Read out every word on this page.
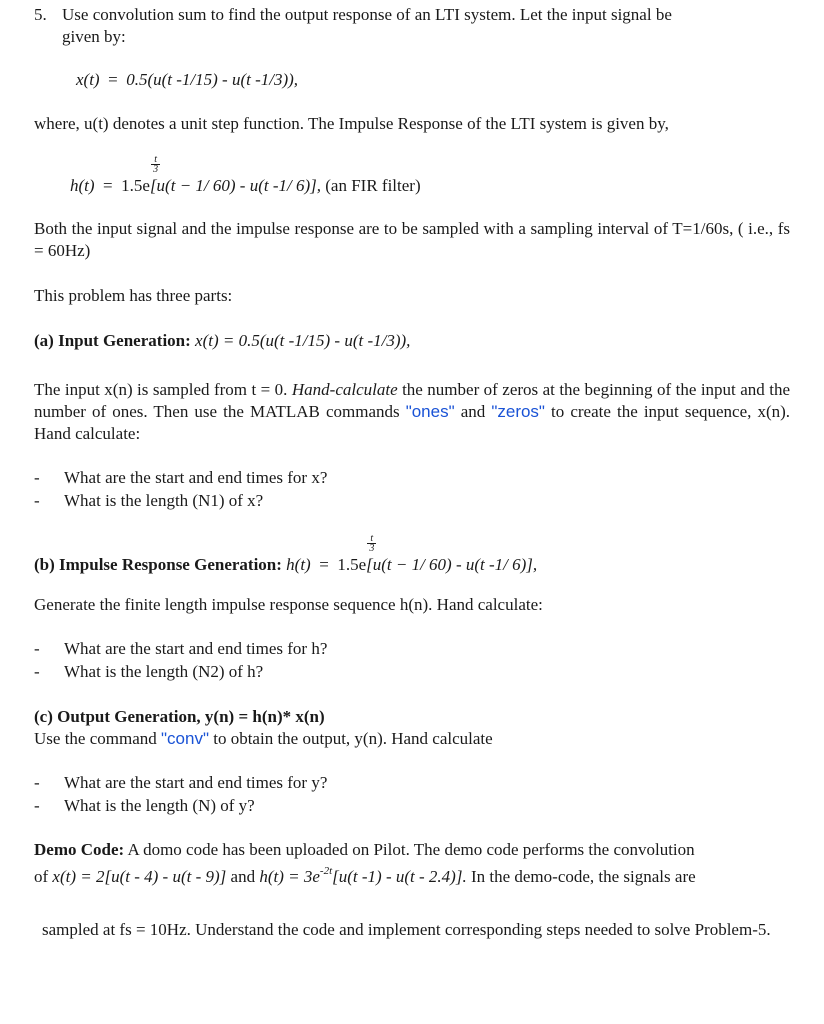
5. Use convolution sum to find the output response of an LTI system. Let the input signal be
given by:
x(t)  =  0.5(u(t -1/15) - u(t -1/3)),
where, u(t) denotes a unit step function. The Impulse Response of the LTI system is given by,
h(t)  =  1.5e
t
3
[u(t − 1/ 60) - u(t -1/ 6)], (an FIR filter)
Both the input signal and the impulse response are to be sampled with a sampling interval of T=1/60s, ( i.e., fs = 60Hz)
This problem has three parts:
(a) Input Generation: x(t) = 0.5(u(t -1/15) - u(t -1/3)),
The input x(n) is sampled from t = 0. Hand-calculate the number of zeros at the beginning of the input and the number of ones. Then use the MATLAB commands "ones" and "zeros" to create the input sequence, x(n). Hand calculate:
- What are the start and end times for x?
- What is the length (N1) of x?
(b) Impulse Response Generation: h(t)  =  1.5e
t
3
[u(t − 1/ 60) - u(t -1/ 6)],
Generate the finite length impulse response sequence h(n). Hand calculate:
- What are the start and end times for h?
- What is the length (N2) of h?
(c) Output Generation, y(n) = h(n)* x(n)
Use the command "conv" to obtain the output, y(n). Hand calculate
- What are the start and end times for y?
- What is the length (N) of y?
Demo Code: A domo code has been uploaded on Pilot. The demo code performs the convolution
of x(t) = 2[u(t - 4) - u(t - 9)] and $h(t) = 3e^{-2t}[u(t$ -1) - u(t - 2.4)]. In the demo-code, the signals are
sampled at fs = 10Hz. Understand the code and implement corresponding steps needed to solve Problem-5.
